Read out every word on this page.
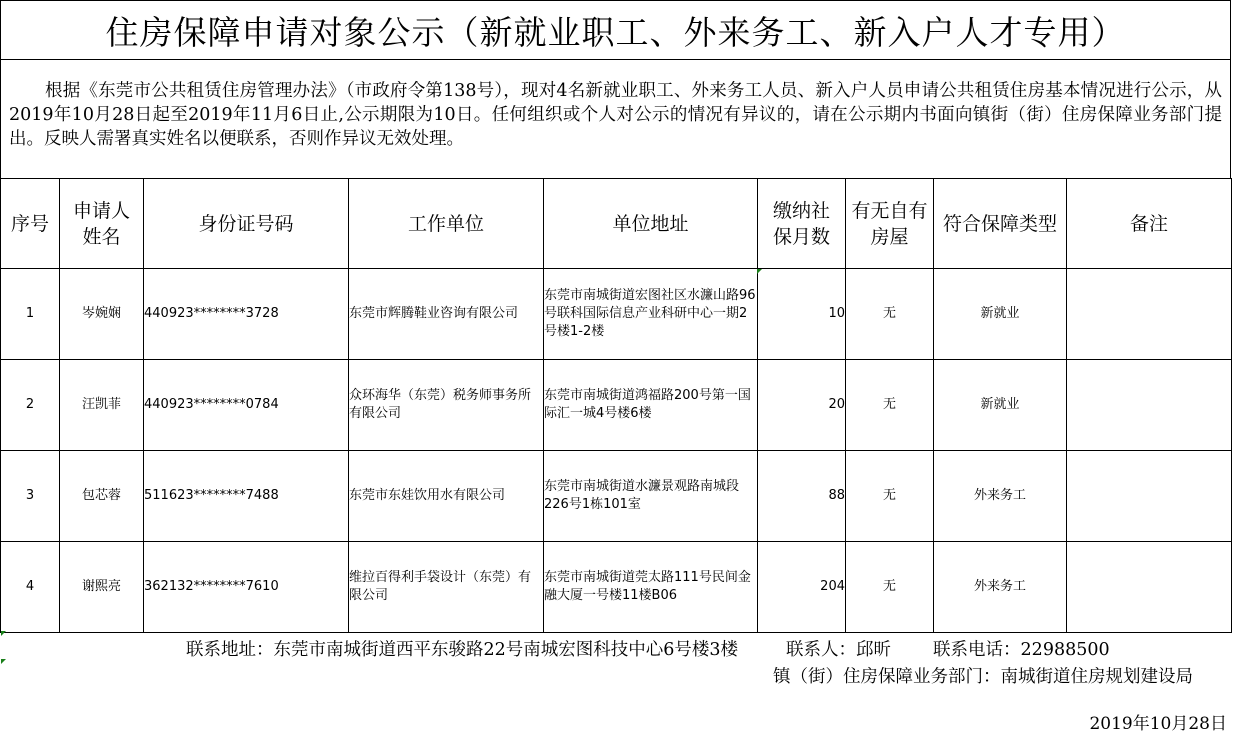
住房保障申请对象公示（新就业职工、外来务工、新入户人才专用）
根据《东莞市公共租赁住房管理办法》（市政府令第138号），现对4名新就业职工、外来务工人员、新入户人员申请公共租赁住房基本情况进行公示，从 2019年10月28日起至2019年11月6日止,公示期限为10日。任何组织或个人对公示的情况有异议的，请在公示期内书面向镇街（街）住房保障业务部门提出。反映人需署真实姓名以便联系，否则作异议无效处理。
序号	申请人姓名	身份证号码	工作单位	单位地址	缴纳社保月数	有无自有房屋	符合保障类型	备注
1	岑婉娴	440923********3728	东莞市辉腾鞋业咨询有限公司	东莞市南城街道宏图社区水濂山路96号联科国际信息产业科研中心一期2号楼1-2楼	10	无	新就业	
2	汪凯菲	440923********0784	众环海华（东莞）税务师事务所有限公司	东莞市南城街道鸿福路200号第一国际汇一城4号楼6楼	20	无	新就业	
3	包芯蓉	511623********7488	东莞市东娃饮用水有限公司	东莞市南城街道水濂景观路南城段226号1栋101室	88	无	外来务工	
4	谢熙亮	362132********7610	维拉百得利手袋设计（东莞）有限公司	东莞市南城街道莞太路111号民间金融大厦一号楼11楼B06	204	无	外来务工	
联系地址：东莞市南城街道西平东骏路22号南城宏图科技中心6号楼3楼	联系人：邱昕 联系电话：22988500
镇（街）住房保障业务部门：南城街道住房规划建设局
2019年10月28日
